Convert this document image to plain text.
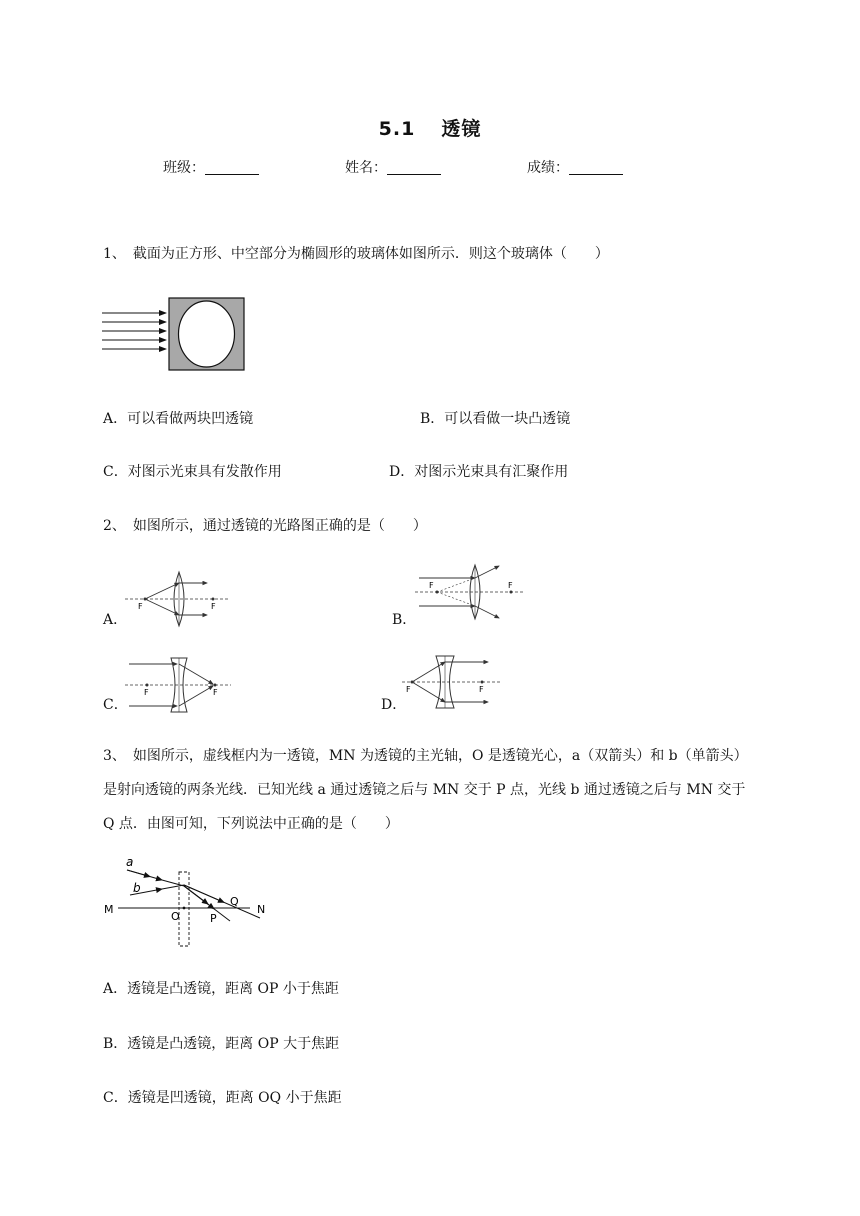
5.1 透镜
班级：	姓名：	成绩：
1、　截面为正方形、中空部分为椭圆形的玻璃体如图所示．则这个玻璃体（　　）
A．可以看做两块凹透镜	B．可以看做一块凸透镜
C．对图示光束具有发散作用	D．对图示光束具有汇聚作用
2、　如图所示，通过透镜的光路图正确的是（　　）
A．
F	F
B．
F	F
C．
F	F
D．
F	F
3、　如图所示，虚线框内为一透镜，MN 为透镜的主光轴，O 是透镜光心，a（双箭头）和 b（单箭头）
是射向透镜的两条光线．已知光线 a 通过透镜之后与 MN 交于 P 点，光线 b 通过透镜之后与 MN 交于
Q 点．由图可知，下列说法中正确的是（　　）
a
b
M	N
O	P
Q
A．透镜是凸透镜，距离 OP 小于焦距
B．透镜是凸透镜，距离 OP 大于焦距
C．透镜是凹透镜，距离 OQ 小于焦距
